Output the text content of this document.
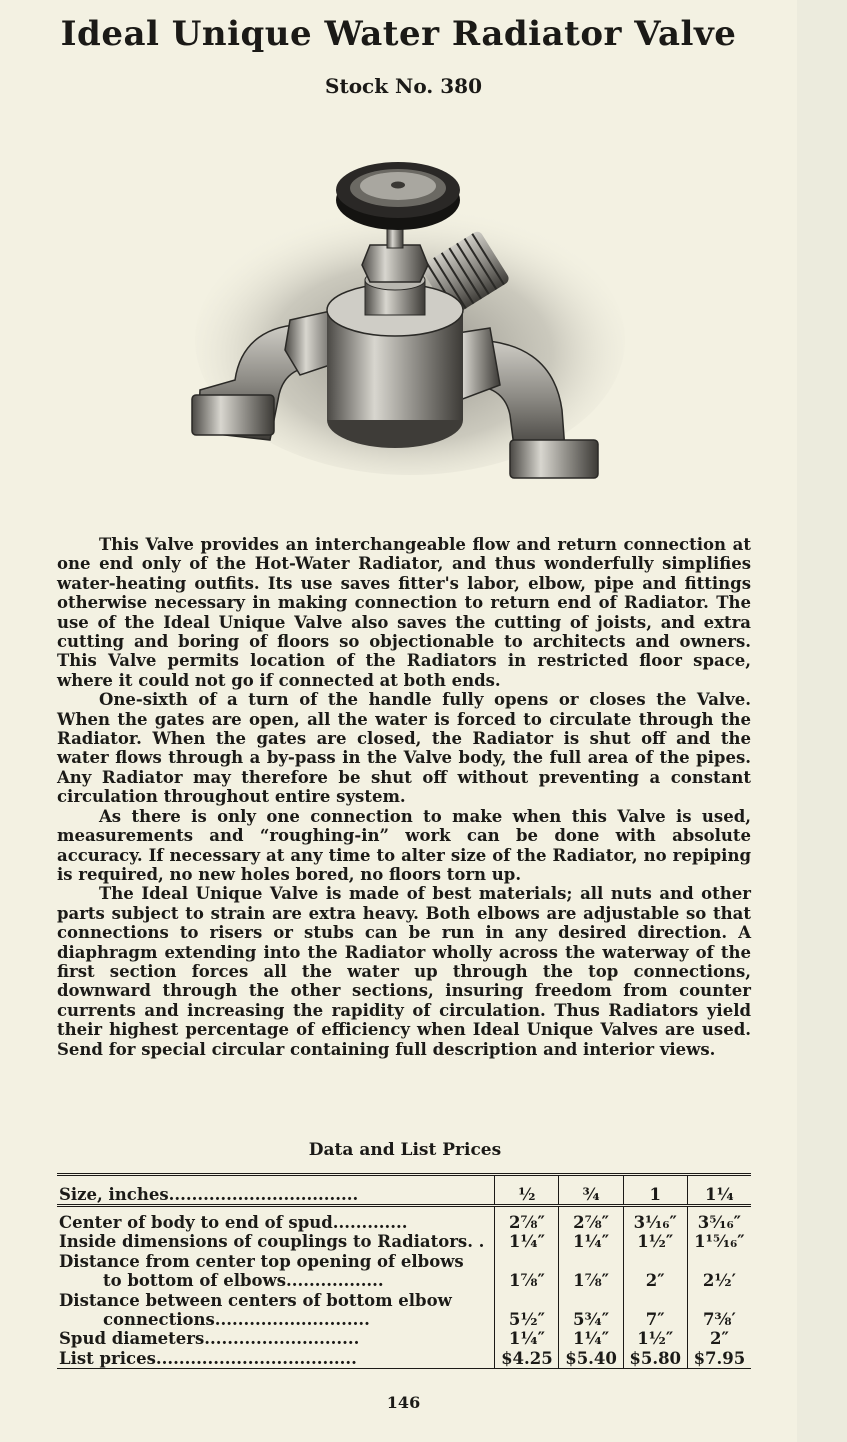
Ideal Unique Water Radiator Valve
Stock No. 380

This Valve provides an interchangeable flow and return connection at one end only of the Hot-Water Radiator, and thus wonderfully simplifies water-heating outfits. Its use saves fitter's labor, elbow, pipe and fittings otherwise necessary in making connection to return end of Radiator. The use of the Ideal Unique Valve also saves the cutting of joists, and extra cutting and boring of floors so objectionable to architects and owners. This Valve permits location of the Radiators in restricted floor space, where it could not go if connected at both ends.

One-sixth of a turn of the handle fully opens or closes the Valve. When the gates are open, all the water is forced to circulate through the Radiator. When the gates are closed, the Radiator is shut off and the water flows through a by-pass in the Valve body, the full area of the pipes. Any Radiator may therefore be shut off without preventing a constant circulation throughout entire system.

As there is only one connection to make when this Valve is used, measurements and “roughing-in” work can be done with absolute accuracy. If necessary at any time to alter size of the Radiator, no repiping is required, no new holes bored, no floors torn up.

The Ideal Unique Valve is made of best materials; all nuts and other parts subject to strain are extra heavy. Both elbows are adjustable so that connections to risers or stubs can be run in any desired direction. A diaphragm extending into the Radiator wholly across the waterway of the first section forces all the water up through the top connections, downward through the other sections, insuring freedom from counter currents and increasing the rapidity of circulation. Thus Radiators yield their highest percentage of efficiency when Ideal Unique Valves are used. Send for special circular containing full description and interior views.

Data and List Prices
Size, inches.................................	½	¾	1	1¼
Center of body to end of spud.............	2⅞″	2⅞″	3¹⁄₁₆″	3⁵⁄₁₆″
Inside dimensions of couplings to Radiators. .	1¼″	1¼″	1½″	1¹⁵⁄₁₆″
Distance from center top opening of elbows				
to bottom of elbows.................	1⅞″	1⅞″	2″	2½′
Distance between centers of bottom elbow				
connections...........................	5½″	5¾″	7″	7⅜′
Spud diameters...........................	1¼″	1¼″	1½″	2″
List prices...................................	$4.25	$5.40	$5.80	$7.95
146
